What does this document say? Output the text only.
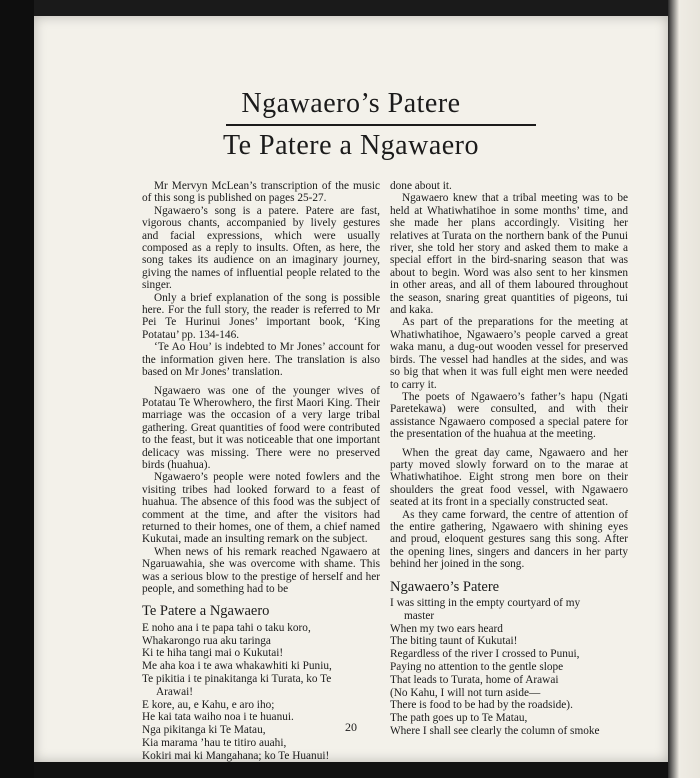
Ngawaero’s Patere
Te Patere a Ngawaero

Mr Mervyn McLean’s transcription of the music of this song is published on pages 25-27.

Ngawaero’s song is a patere. Patere are fast, vigorous chants, accompanied by lively gestures and facial expressions, which were usually composed as a reply to insults. Often, as here, the song takes its audience on an imaginary journey, giving the names of influential people related to the singer.

Only a brief explanation of the song is possible here. For the full story, the reader is referred to Mr Pei Te Hurinui Jones’ important book, ‘King Potatau’ pp. 134-146.

‘Te Ao Hou’ is indebted to Mr Jones’ account for the information given here. The translation is also based on Mr Jones’ translation.

Ngawaero was one of the younger wives of Potatau Te Wherowhero, the first Maori King. Their marriage was the occasion of a very large tribal gathering. Great quantities of food were contributed to the feast, but it was noticeable that one important delicacy was missing. There were no preserved birds (huahua).

Ngawaero’s people were noted fowlers and the visiting tribes had looked forward to a feast of huahua. The absence of this food was the subject of comment at the time, and after the visitors had returned to their homes, one of them, a chief named Kukutai, made an insulting remark on the subject.

When news of his remark reached Ngawaero at Ngaruawahia, she was overcome with shame. This was a serious blow to the prestige of herself and her people, and something had to be

Te Patere a Ngawaero
E noho ana i te papa tahi o taku koro,
Whakarongo rua aku taringa
Ki te hiha tangi mai o Kukutai!
Me aha koa i te awa whakawhiti ki Puniu,
Te pikitia i te pinakitanga ki Turata, ko Te
Arawai!
E kore, au, e Kahu, e aro iho;
He kai tata waiho noa i te huanui.
Nga pikitanga ki Te Matau,
Kia marama ’hau te titiro auahi,
Kokiri mai ki Mangahana; ko Te Huanui!

done about it.

Ngawaero knew that a tribal meeting was to be held at Whatiwhatihoe in some months’ time, and she made her plans accordingly. Visiting her relatives at Turata on the northern bank of the Punui river, she told her story and asked them to make a special effort in the bird-snaring season that was about to begin. Word was also sent to her kinsmen in other areas, and all of them laboured throughout the season, snaring great quantities of pigeons, tui and kaka.

As part of the preparations for the meeting at Whatiwhatihoe, Ngawaero’s people carved a great waka manu, a dug-out wooden vessel for preserved birds. The vessel had handles at the sides, and was so big that when it was full eight men were needed to carry it.

The poets of Ngawaero’s father’s hapu (Ngati Paretekawa) were consulted, and with their assistance Ngawaero composed a special patere for the presentation of the huahua at the meeting.

When the great day came, Ngawaero and her party moved slowly forward on to the marae at Whatiwhatihoe. Eight strong men bore on their shoulders the great food vessel, with Ngawaero seated at its front in a specially constructed seat.

As they came forward, the centre of attention of the entire gathering, Ngawaero with shining eyes and proud, eloquent gestures sang this song. After the opening lines, singers and dancers in her party behind her joined in the song.

Ngawaero’s Patere
I was sitting in the empty courtyard of my
master
When my two ears heard
The biting taunt of Kukutai!
Regardless of the river I crossed to Punui,
Paying no attention to the gentle slope
That leads to Turata, home of Arawai
(No Kahu, I will not turn aside—
There is food to be had by the roadside).
The path goes up to Te Matau,
Where I shall see clearly the column of smoke
20
